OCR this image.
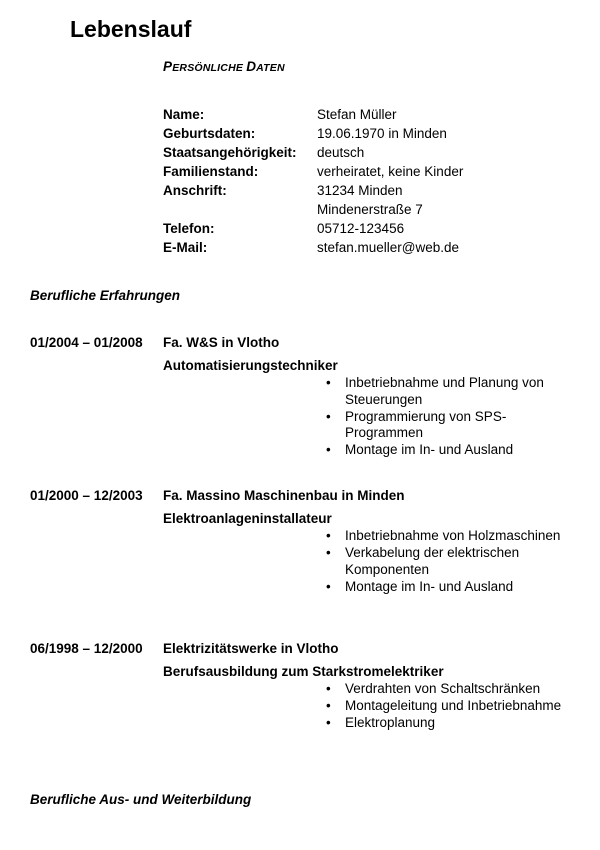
Lebenslauf
PERSÖNLICHE DATEN
Name:	Stefan Müller
Geburtsdaten:	19.06.1970 in Minden
Staatsangehörigkeit:	deutsch
Familienstand:	verheiratet, keine Kinder
Anschrift:	31234 Minden
Mindenerstraße 7
Telefon:	05712-123456
E-Mail:	stefan.mueller@web.de
Berufliche Erfahrungen
01/2004 – 01/2008 Fa. W&S in Vlotho
Automatisierungstechniker
• Inbetriebnahme und Planung von Steuerungen
• Programmierung von SPS-Programmen
• Montage im In- und Ausland
01/2000 – 12/2003 Fa. Massino Maschinenbau in Minden
Elektroanlageninstallateur
• Inbetriebnahme von Holzmaschinen
• Verkabelung der elektrischen Komponenten
• Montage im In- und Ausland
06/1998 – 12/2000 Elektrizitätswerke in Vlotho
Berufsausbildung zum Starkstromelektriker
• Verdrahten von Schaltschränken
• Montageleitung und Inbetriebnahme
• Elektroplanung
Berufliche Aus- und Weiterbildung
